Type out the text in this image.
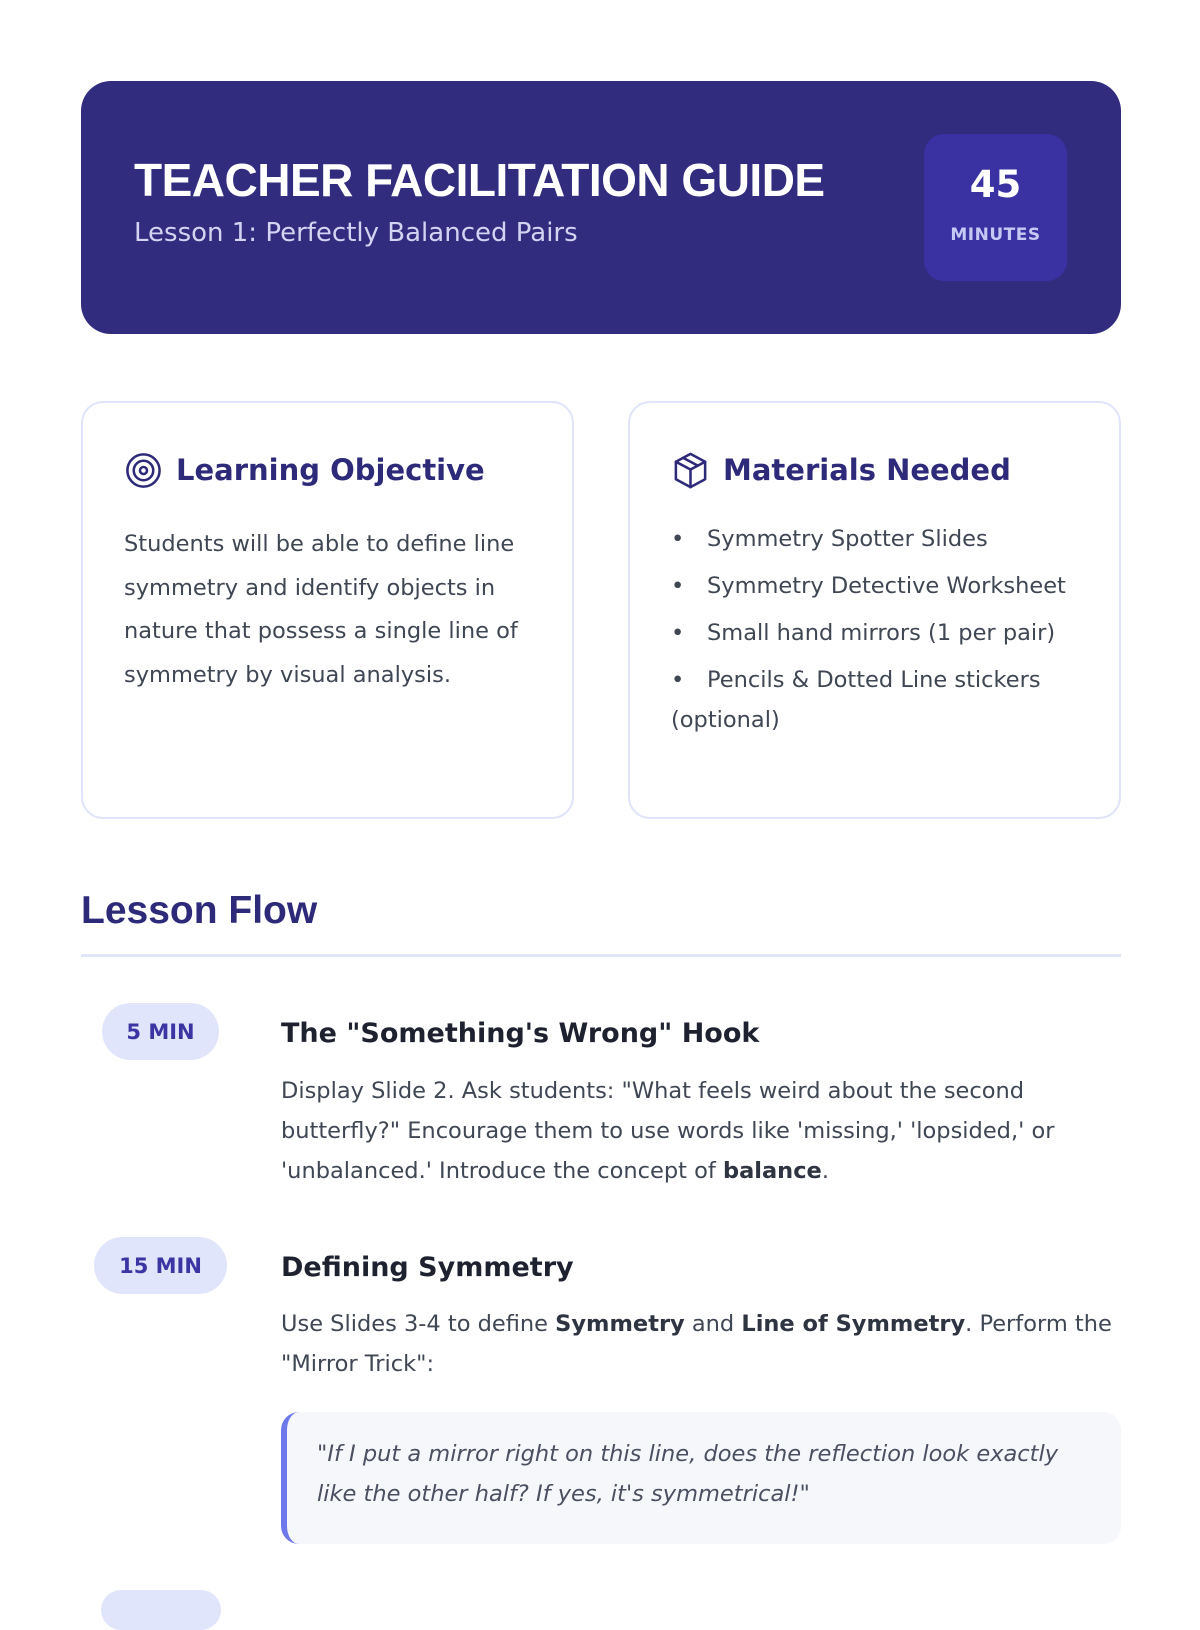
TEACHER FACILITATION GUIDE
Lesson 1: Perfectly Balanced Pairs
45
MINUTES
Learning Objective
Students will be able to define line symmetry and identify objects in nature that possess a single line of symmetry by visual analysis.
Materials Needed
• Symmetry Spotter Slides
• Symmetry Detective Worksheet
• Small hand mirrors (1 per pair)
• Pencils & Dotted Line stickers (optional)
Lesson Flow
5 MIN	The "Something's Wrong" Hook
Display Slide 2. Ask students: "What feels weird about the second butterfly?" Encourage them to use words like 'missing,' 'lopsided,' or 'unbalanced.' Introduce the concept of balance.
15 MIN	Defining Symmetry
Use Slides 3-4 to define Symmetry and Line of Symmetry. Perform the "Mirror Trick":
"If I put a mirror right on this line, does the reflection look exactly like the other half? If yes, it's symmetrical!"
